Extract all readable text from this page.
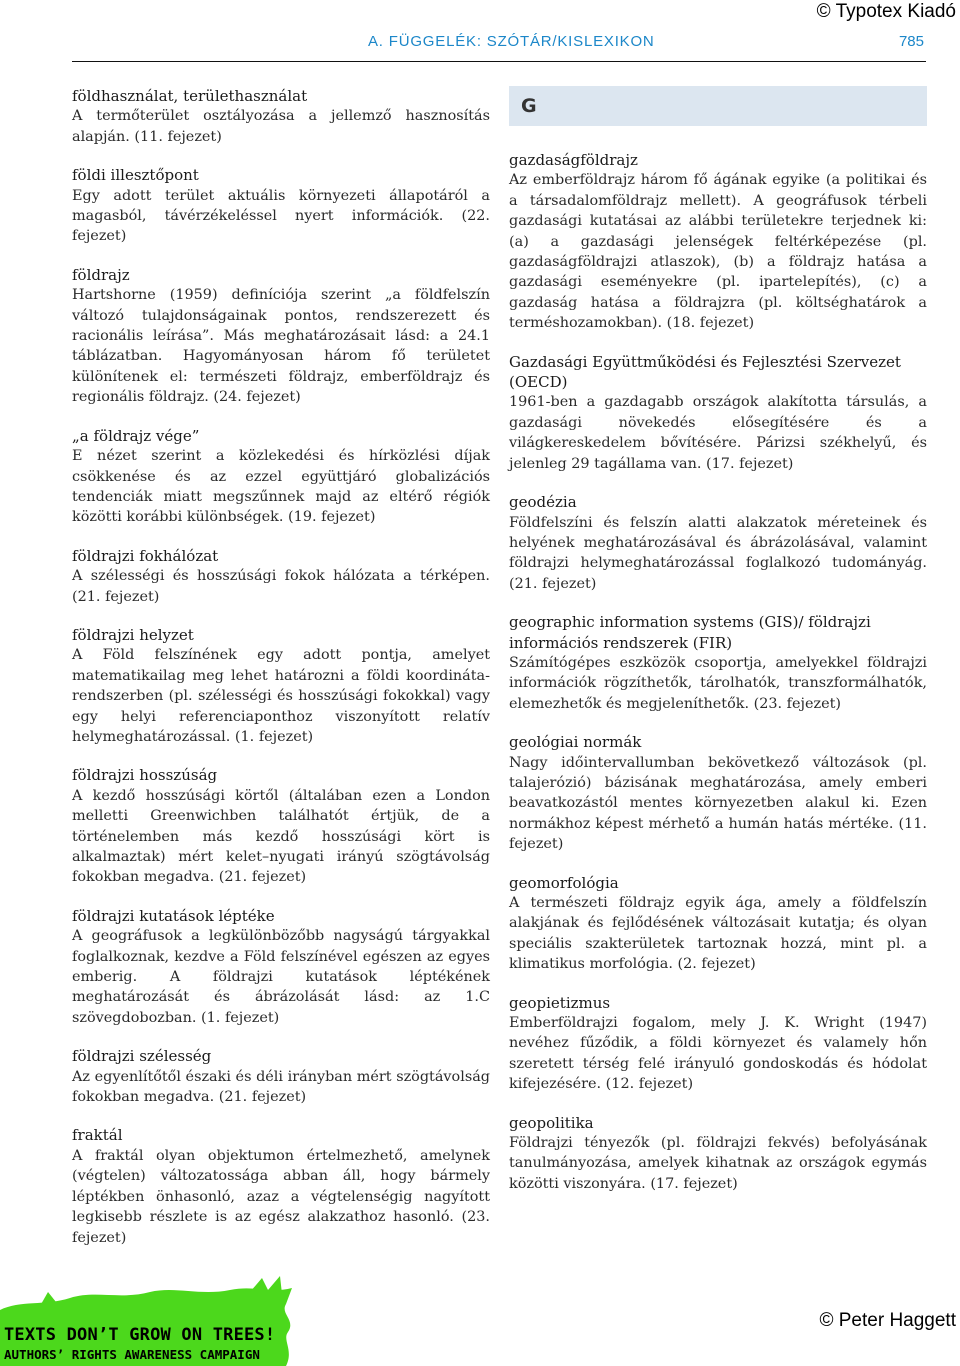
© Typotex Kiadó
A. FÜGGELÉK: SZÓTÁR/KISLEXIKON	785
földhasználat, területhasználat
A termőterület osztályozása a jellemző hasznosítás alapján. (11. fejezet)
földi illesztőpont
Egy adott terület aktuális környezeti állapotáról a magasból, távérzékeléssel nyert információk. (22. fejezet)
földrajz
Hartshorne (1959) definíciója szerint „a földfelszín változó tulajdonságainak pontos, rendszerezett és racionális leírása”. Más meghatározásait lásd: a 24.1 táblázatban. Hagyományosan három fő területet különítenek el: természeti földrajz, emberföldrajz és regionális földrajz. (24. fejezet)
„a földrajz vége”
E nézet szerint a közlekedési és hírközlési díjak csökkenése és az ezzel együttjáró globalizációs tendenciák miatt megszűnnek majd az eltérő régiók közötti korábbi különbségek. (19. fejezet)
földrajzi fokhálózat
A szélességi és hosszúsági fokok hálózata a térképen. (21. fejezet)
földrajzi helyzet
A Föld felszínének egy adott pontja, amelyet matematikailag meg lehet határozni a földi koordináta-rendszerben (pl. szélességi és hosszúsági fokokkal) vagy egy helyi referenciaponthoz viszonyított relatív helymeghatározással. (1. fejezet)
földrajzi hosszúság
A kezdő hosszúsági körtől (általában ezen a London melletti Greenwichben találhatót értjük, de a történelemben más kezdő hosszúsági kört is alkalmaztak) mért kelet–nyugati irányú szögtávolság fokokban megadva. (21. fejezet)
földrajzi kutatások léptéke
A geográfusok a legkülönbözőbb nagyságú tárgyakkal foglalkoznak, kezdve a Föld felszínével egészen az egyes emberig. A földrajzi kutatások léptékének meghatározását és ábrázolását lásd: az 1.C szövegdobozban. (1. fejezet)
földrajzi szélesség
Az egyenlítőtől északi és déli irányban mért szögtávolság fokokban megadva. (21. fejezet)
fraktál
A fraktál olyan objektumon értelmezhető, amelynek (végtelen) változatossága abban áll, hogy bármely léptékben önhasonló, azaz a végtelenségig nagyított legkisebb részlete is az egész alakzathoz hasonló. (23. fejezet)
G
gazdaságföldrajz
Az emberföldrajz három fő ágának egyike (a politikai és a társadalomföldrajz mellett). A geográfusok térbeli gazdasági kutatásai az alábbi területekre terjednek ki: (a) a gazdasági jelenségek feltérképezése (pl. gazdaságföldrajzi atlaszok), (b) a földrajz hatása a gazdasági eseményekre (pl. ipartelepítés), (c) a gazdaság hatása a földrajzra (pl. költséghatárok a terméshozamokban). (18. fejezet)
Gazdasági Együttműködési és Fejlesztési Szervezet (OECD)
1961-ben a gazdagabb országok alakította társulás, a gazdasági növekedés elősegítésére és a világkereskedelem bővítésére. Párizsi székhelyű, és jelenleg 29 tagállama van. (17. fejezet)
geodézia
Földfelszíni és felszín alatti alakzatok méreteinek és helyének meghatározásával és ábrázolásával, valamint földrajzi helymeghatározással foglalkozó tudományág. (21. fejezet)
geographic information systems (GIS)/ földrajzi információs rendszerek (FIR)
Számítógépes eszközök csoportja, amelyekkel földrajzi információk rögzíthetők, tárolhatók, transzformálhatók, elemezhetők és megjeleníthetők. (23. fejezet)
geológiai normák
Nagy időintervallumban bekövetkező változások (pl. talajerózió) bázisának meghatározása, amely emberi beavatkozástól mentes környezetben alakul ki. Ezen normákhoz képest mérhető a humán hatás mértéke. (11. fejezet)
geomorfológia
A természeti földrajz egyik ága, amely a földfelszín alakjának és fejlődésének változásait kutatja; és olyan speciális szakterületek tartoznak hozzá, mint pl. a klimatikus morfológia. (2. fejezet)
geopietizmus
Emberföldrajzi fogalom, mely J. K. Wright (1947) nevéhez fűződik, a földi környezet és valamely hőn szeretett térség felé irányuló gondoskodás és hódolat kifejezésére. (12. fejezet)
geopolitika
Földrajzi tényezők (pl. földrajzi fekvés) befolyásának tanulmányozása, amelyek kihatnak az országok egymás közötti viszonyára. (17. fejezet)
TEXTS DON’T GROW ON TREES!
AUTHORS’ RIGHTS AWARENESS CAMPAIGN
© Peter Haggett
